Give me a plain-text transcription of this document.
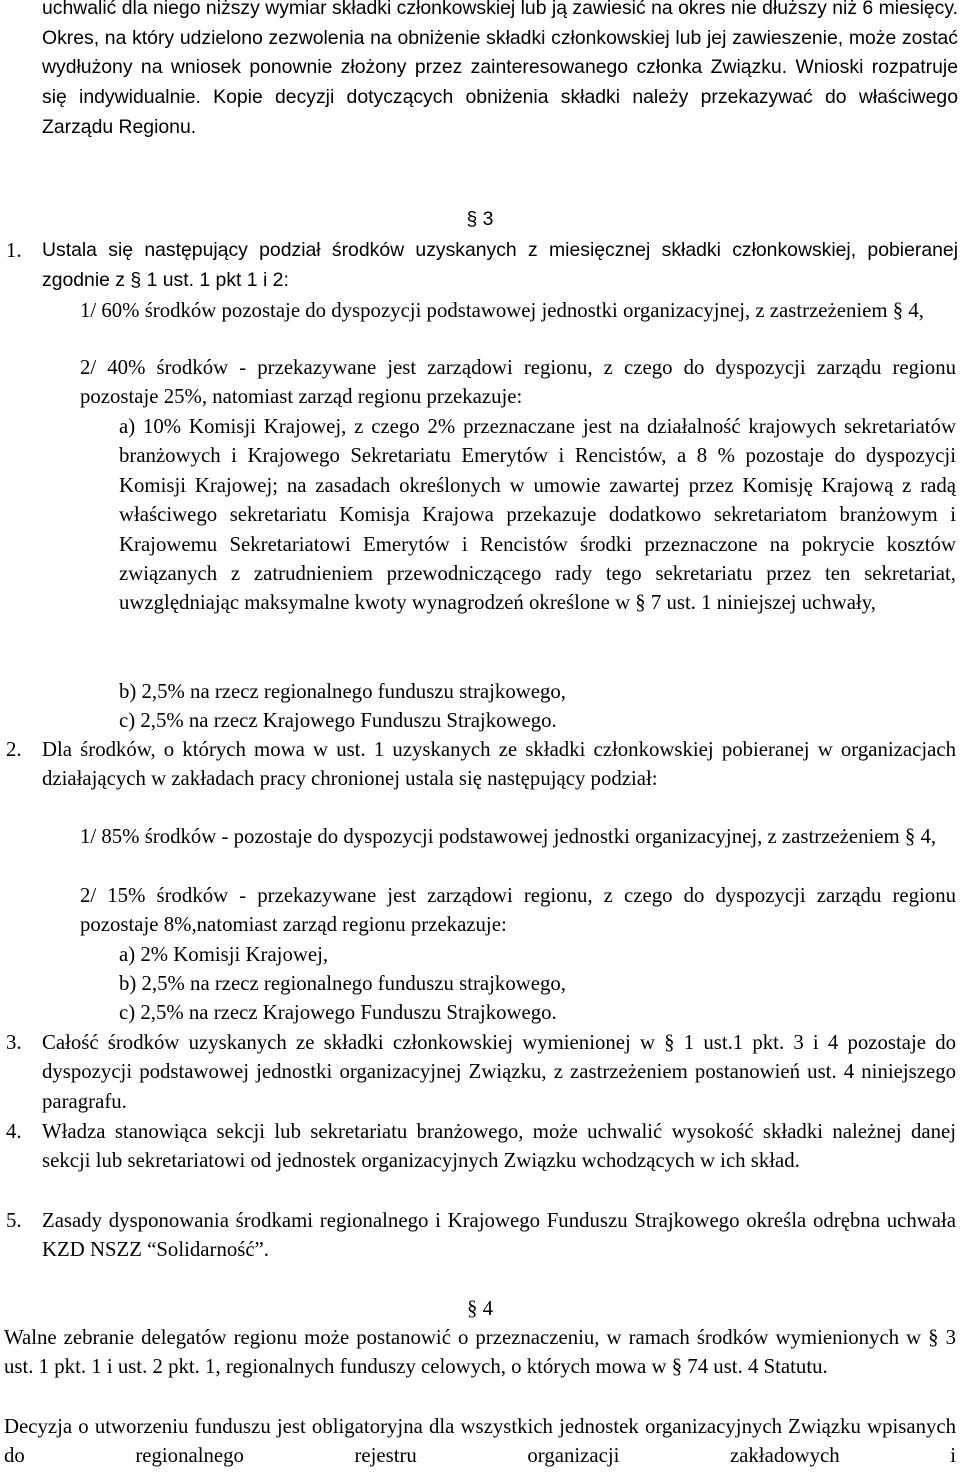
uchwalić dla niego niższy wymiar składki członkowskiej lub ją zawiesić na okres nie dłuższy niż 6 miesięcy. Okres, na który udzielono zezwolenia na obniżenie składki członkowskiej lub jej zawieszenie, może zostać wydłużony na wniosek ponownie złożony przez zainteresowanego członka Związku. Wnioski rozpatruje się indywidualnie. Kopie decyzji dotyczących obniżenia składki należy przekazywać do właściwego Zarządu Regionu.

§ 3

1. Ustala się następujący podział środków uzyskanych z miesięcznej składki członkowskiej, pobieranej zgodnie z § 1 ust. 1 pkt 1 i 2:

1/ 60% środków pozostaje do dyspozycji podstawowej jednostki organizacyjnej, z zastrzeżeniem § 4,

2/ 40% środków - przekazywane jest zarządowi regionu, z czego do dyspozycji zarządu regionu pozostaje 25%, natomiast zarząd regionu przekazuje:

a) 10% Komisji Krajowej, z czego 2% przeznaczane jest na działalność krajowych sekretariatów branżowych i Krajowego Sekretariatu Emerytów i Rencistów, a 8 % pozostaje do dyspozycji Komisji Krajowej; na zasadach określonych w umowie zawartej przez Komisję Krajową z radą właściwego sekretariatu Komisja Krajowa przekazuje dodatkowo sekretariatom branżowym i Krajowemu Sekretariatowi Emerytów i Rencistów środki przeznaczone na pokrycie kosztów związanych z zatrudnieniem przewodniczącego rady tego sekretariatu przez ten sekretariat, uwzględniając maksymalne kwoty wynagrodzeń określone w § 7 ust. 1 niniejszej uchwały,

b) 2,5% na rzecz regionalnego funduszu strajkowego,

c) 2,5% na rzecz Krajowego Funduszu Strajkowego.

2. Dla środków, o których mowa w ust. 1 uzyskanych ze składki członkowskiej pobieranej w organizacjach działających w zakładach pracy chronionej ustala się następujący podział:

1/ 85% środków - pozostaje do dyspozycji podstawowej jednostki organizacyjnej, z zastrzeżeniem § 4,

2/ 15% środków - przekazywane jest zarządowi regionu, z czego do dyspozycji zarządu regionu pozostaje 8%,natomiast zarząd regionu przekazuje:

a) 2% Komisji Krajowej,

b) 2,5% na rzecz regionalnego funduszu strajkowego,

c) 2,5% na rzecz Krajowego Funduszu Strajkowego.

3. Całość środków uzyskanych ze składki członkowskiej wymienionej w § 1 ust.1 pkt. 3 i 4 pozostaje do dyspozycji podstawowej jednostki organizacyjnej Związku, z zastrzeżeniem postanowień ust. 4 niniejszego paragrafu.

4. Władza stanowiąca sekcji lub sekretariatu branżowego, może uchwalić wysokość składki należnej danej sekcji lub sekretariatowi od jednostek organizacyjnych Związku wchodzących w ich skład.

5. Zasady dysponowania środkami regionalnego i Krajowego Funduszu Strajkowego określa odrębna uchwała KZD NSZZ “Solidarność”.

§ 4

Walne zebranie delegatów regionu może postanowić o przeznaczeniu, w ramach środków wymienionych w § 3 ust. 1 pkt. 1 i ust. 2 pkt. 1, regionalnych funduszy celowych, o których mowa w § 74 ust. 4 Statutu.

Decyzja o utworzeniu funduszu jest obligatoryjna dla wszystkich jednostek organizacyjnych Związku wpisanych do regionalnego rejestru organizacji zakładowych i
